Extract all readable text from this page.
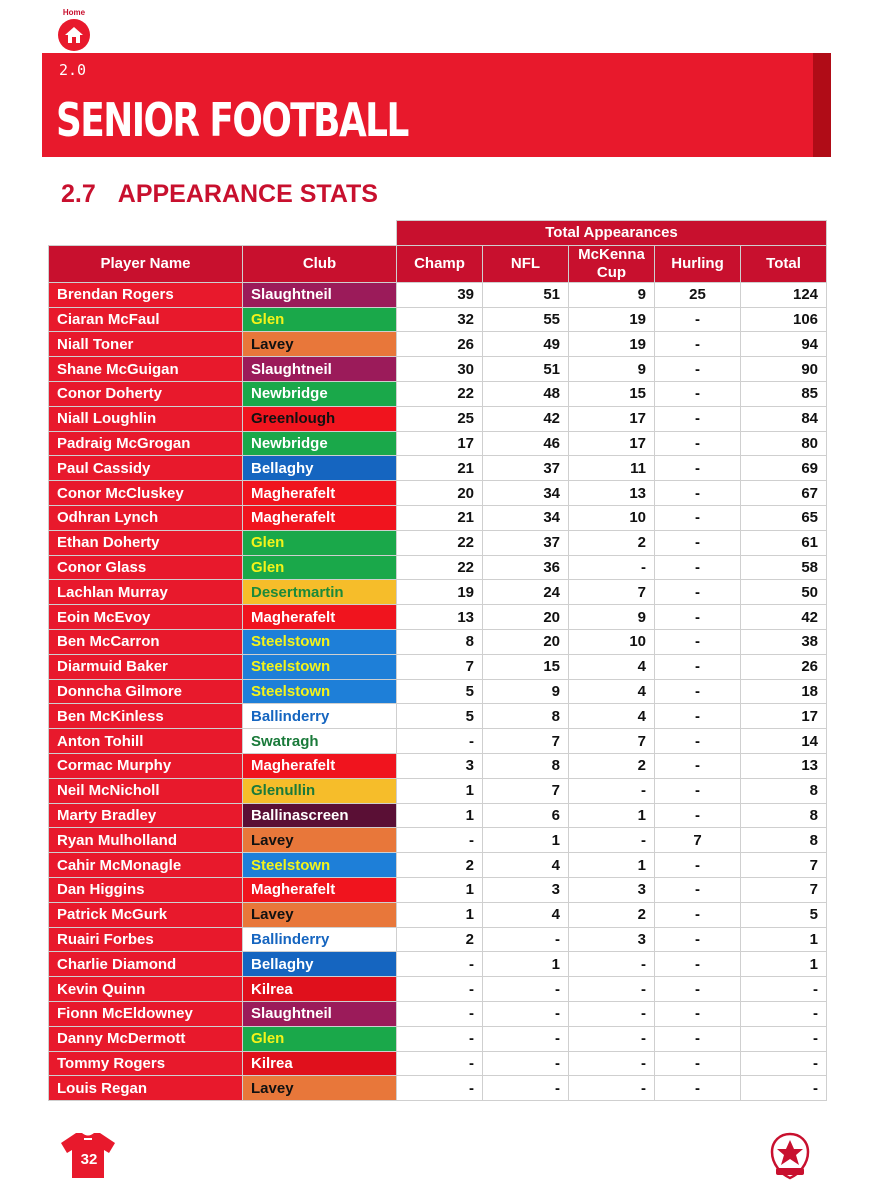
Home
2.0
SENIOR FOOTBALL
2.7 APPEARANCE STATS
		Total Appearances				
Player Name	Club	Champ	NFL	McKenna Cup	Hurling	Total
Brendan Rogers	Slaughtneil	39	51	9	25	124
Ciaran McFaul	Glen	32	55	19	-	106
Niall Toner	Lavey	26	49	19	-	94
Shane McGuigan	Slaughtneil	30	51	9	-	90
Conor Doherty	Newbridge	22	48	15	-	85
Niall Loughlin	Greenlough	25	42	17	-	84
Padraig McGrogan	Newbridge	17	46	17	-	80
Paul Cassidy	Bellaghy	21	37	11	-	69
Conor McCluskey	Magherafelt	20	34	13	-	67
Odhran Lynch	Magherafelt	21	34	10	-	65
Ethan Doherty	Glen	22	37	2	-	61
Conor Glass	Glen	22	36	-	-	58
Lachlan Murray	Desertmartin	19	24	7	-	50
Eoin McEvoy	Magherafelt	13	20	9	-	42
Ben McCarron	Steelstown	8	20	10	-	38
Diarmuid Baker	Steelstown	7	15	4	-	26
Donncha Gilmore	Steelstown	5	9	4	-	18
Ben McKinless	Ballinderry	5	8	4	-	17
Anton Tohill	Swatragh	-	7	7	-	14
Cormac Murphy	Magherafelt	3	8	2	-	13
Neil McNicholl	Glenullin	1	7	-	-	8
Marty Bradley	Ballinascreen	1	6	1	-	8
Ryan Mulholland	Lavey	-	1	-	7	8
Cahir McMonagle	Steelstown	2	4	1	-	7
Dan Higgins	Magherafelt	1	3	3	-	7
Patrick McGurk	Lavey	1	4	2	-	5
Ruairi Forbes	Ballinderry	2	-	3	-	1
Charlie Diamond	Bellaghy	-	1	-	-	1
Kevin Quinn	Kilrea	-	-	-	-	-
Fionn McEldowney	Slaughtneil	-	-	-	-	-
Danny McDermott	Glen	-	-	-	-	-
Tommy Rogers	Kilrea	-	-	-	-	-
Louis Regan	Lavey	-	-	-	-	-
32
